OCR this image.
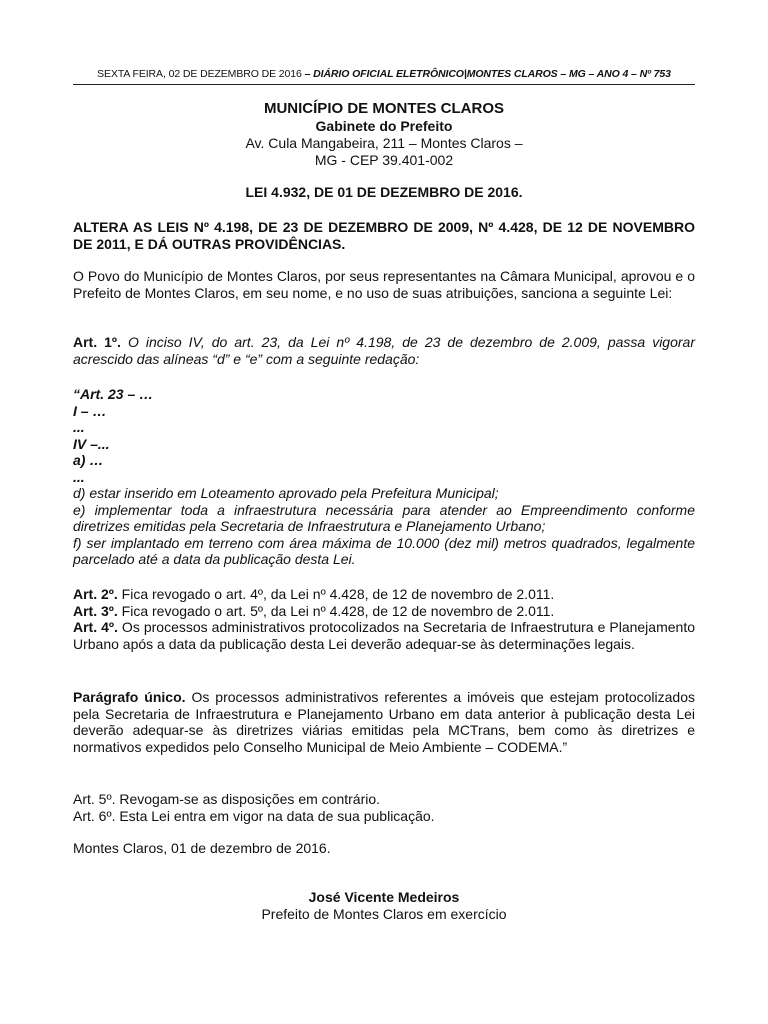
SEXTA FEIRA, 02 DE DEZEMBRO DE 2016 – DIÁRIO OFICIAL ELETRÔNICO|MONTES CLAROS – MG – ANO 4 – Nº 753
MUNICÍPIO DE MONTES CLAROS
Gabinete do Prefeito
Av. Cula Mangabeira, 211 – Montes Claros –
MG - CEP 39.401-002
LEI 4.932, DE 01 DE DEZEMBRO DE 2016.
ALTERA AS LEIS Nº 4.198, DE 23 DE DEZEMBRO DE 2009, Nº 4.428, DE 12 DE NOVEMBRO DE 2011, E DÁ OUTRAS PROVIDÊNCIAS.
O Povo do Município de Montes Claros, por seus representantes na Câmara Municipal, aprovou e o Prefeito de Montes Claros, em seu nome, e no uso de suas atribuições, sanciona a seguinte Lei:
Art. 1º. O inciso IV, do art. 23, da Lei nº 4.198, de 23 de dezembro de 2.009, passa vigorar acrescido das alíneas “d” e “e” com a seguinte redação:
“Art. 23 – …
I – …
...
IV –...
a) …
...

d) estar inserido em Loteamento aprovado pela Prefeitura Municipal;

e) implementar toda a infraestrutura necessária para atender ao Empreendimento conforme diretrizes emitidas pela Secretaria de Infraestrutura e Planejamento Urbano;

f) ser implantado em terreno com área máxima de 10.000 (dez mil) metros quadrados, legalmente parcelado até a data da publicação desta Lei.

Art. 2º. Fica revogado o art. 4º, da Lei nº 4.428, de 12 de novembro de 2.011.

Art. 3º. Fica revogado o art. 5º, da Lei nº 4.428, de 12 de novembro de 2.011.

Art. 4º. Os processos administrativos protocolizados na Secretaria de Infraestrutura e Planejamento Urbano após a data da publicação desta Lei deverão adequar-se às determinações legais.

Parágrafo único. Os processos administrativos referentes a imóveis que estejam protocolizados pela Secretaria de Infraestrutura e Planejamento Urbano em data anterior à publicação desta Lei deverão adequar-se às diretrizes viárias emitidas pela MCTrans, bem como às diretrizes e normativos expedidos pelo Conselho Municipal de Meio Ambiente – CODEMA.”

Art. 5º. Revogam-se as disposições em contrário.

Art. 6º. Esta Lei entra em vigor na data de sua publicação.

Montes Claros, 01 de dezembro de 2016.
José Vicente Medeiros
Prefeito de Montes Claros em exercício
